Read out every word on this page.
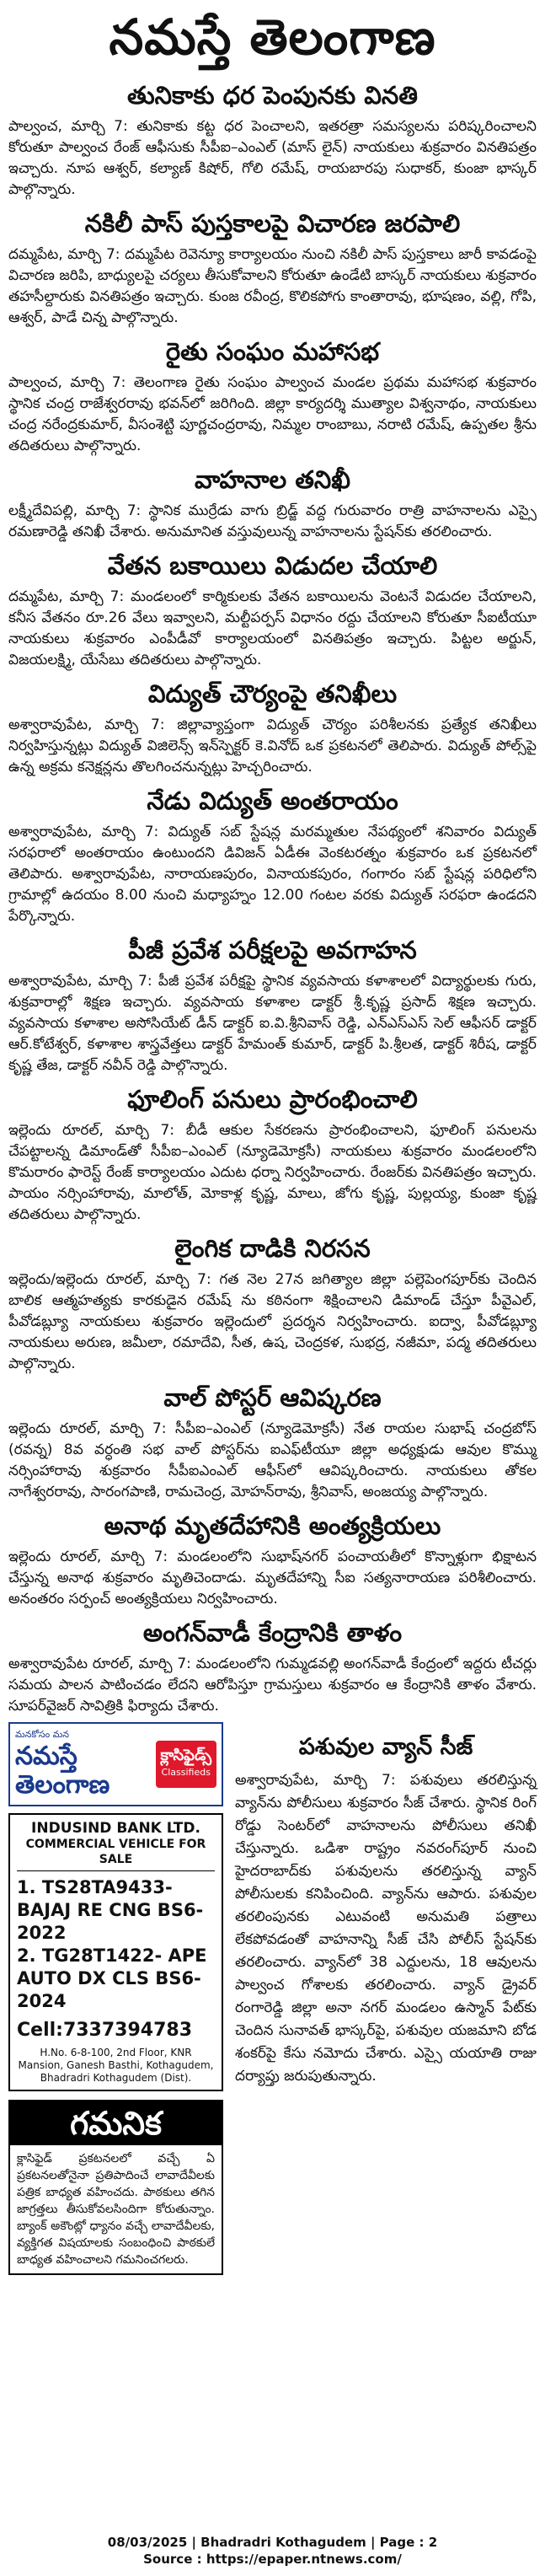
నమస్తే తెలంగాణ
తునికాకు ధర పెంపునకు వినతి

పాల్వంచ, మార్చి 7: తునికాకు కట్ట ధర పెంచాలని, ఇతరత్రా సమస్యలను పరిష్కరించాలని కోరుతూ పాల్వంచ రేంజ్ ఆఫీసుకు సీపీఐ–ఎంఎల్ (మాస్ లైన్) నాయకులు శుక్రవారం వినతిపత్రం ఇచ్చారు. నూప ఆశ్వర్, కల్యాణ్ కిషోర్, గోలి రమేష్, రాయబారపు సుధాకర్, కుంజా భాస్కర్ పాల్గొన్నారు.

నకిలీ పాస్ పుస్తకాలపై విచారణ జరపాలి

దమ్మపేట, మార్చి 7: దమ్మపేట రెవెన్యూ కార్యాలయం నుంచి నకిలీ పాస్ పుస్తకాలు జారీ కావడంపై విచారణ జరిపి, బాధ్యులపై చర్యలు తీసుకోవాలని కోరుతూ ఉండేటి బాస్కర్ నాయకులు శుక్రవారం తహసీల్దారుకు వినతిపత్రం ఇచ్చారు. కుంజ రవీంద్ర, కొలికపోగు కాంతారావు, భూషణం, వల్లి, గోపి, ఆశ్వర్, పాడే చిన్న పాల్గొన్నారు.

రైతు సంఘం మహాసభ

పాల్వంచ, మార్చి 7: తెలంగాణ రైతు సంఘం పాల్వంచ మండల ప్రథమ మహాసభ శుక్రవారం స్థానిక చంద్ర రాజేశ్వరరావు భవన్‌లో జరిగింది. జిల్లా కార్యదర్శి ముత్యాల విశ్వనాథం, నాయకులు చంద్ర నరేంద్రకుమార్, వీసంశెట్టి పూర్ణచంద్రరావు, నిమ్మల రాంబాబు, నరాటి రమేష్, ఉప్పతల శ్రీను తదితరులు పాల్గొన్నారు.

వాహనాల తనిఖీ

లక్ష్మీదేవిపల్లి, మార్చి 7: స్థానిక ముర్రేడు వాగు బ్రిడ్జ్ వద్ద గురువారం రాత్రి వాహనాలను ఎస్సై రమణారెడ్డి తనిఖీ చేశారు. అనుమానిత వస్తువులున్న వాహనాలను స్టేషన్‌కు తరలించారు.

వేతన బకాయిలు విడుదల చేయాలి

దమ్మపేట, మార్చి 7: మండలంలో కార్మికులకు వేతన బకాయిలను వెంటనే విడుదల చేయాలని, కనీస వేతనం రూ.26 వేలు ఇవ్వాలని, మల్టీపర్పస్ విధానం రద్దు చేయాలని కోరుతూ సీఐటీయూ నాయకులు శుక్రవారం ఎంపీడీవో కార్యాలయంలో వినతిపత్రం ఇచ్చారు. పిట్టల అర్జున్, విజయలక్ష్మి, యేసేబు తదితరులు పాల్గొన్నారు.

విద్యుత్ చౌర్యంపై తనిఖీలు

అశ్వారావుపేట, మార్చి 7: జిల్లావ్యాప్తంగా విద్యుత్ చౌర్యం పరిశీలనకు ప్రత్యేక తనిఖీలు నిర్వహిస్తున్నట్లు విద్యుత్ విజిలెన్స్ ఇన్‌స్పెక్టర్ కె.వినోద్ ఒక ప్రకటనలో తెలిపారు. విద్యుత్ పోల్స్‌పై ఉన్న అక్రమ కనెక్షన్లను తొలగించనున్నట్లు హెచ్చరించారు.

నేడు విద్యుత్ అంతరాయం

అశ్వారావుపేట, మార్చి 7: విద్యుత్ సబ్ స్టేషన్ల మరమ్మతుల నేపథ్యంలో శనివారం విద్యుత్ సరఫరాలో అంతరాయం ఉంటుందని డివిజన్ ఏడీఈ వెంకటరత్నం శుక్రవారం ఒక ప్రకటనలో తెలిపారు. అశ్వారావుపేట, నారాయణపురం, వినాయకపురం, గంగారం సబ్ స్టేషన్ల పరిధిలోని గ్రామాల్లో ఉదయం 8.00 నుంచి మధ్యాహ్నం 12.00 గంటల వరకు విద్యుత్ సరఫరా ఉండదని పేర్కొన్నారు.

పీజీ ప్రవేశ పరీక్షలపై అవగాహన

అశ్వారావుపేట, మార్చి 7: పీజీ ప్రవేశ పరీక్షపై స్థానిక వ్యవసాయ కళాశాలలో విద్యార్థులకు గురు, శుక్రవారాల్లో శిక్షణ ఇచ్చారు. వ్యవసాయ కళాశాల డాక్టర్ శ్రీ.కృష్ణ ప్రసాద్ శిక్షణ ఇచ్చారు. వ్యవసాయ కళాశాల అసోసియేట్ డీన్ డాక్టర్ ఐ.వి.శ్రీనివాస్ రెడ్డి, ఎన్ఎస్ఎస్ సెల్ ఆఫీసర్ డాక్టర్ ఆర్.కోటేశ్వర్, కళాశాల శాస్త్రవేత్తలు డాక్టర్ హేమంత్ కుమార్, డాక్టర్ పి.శ్రీలత, డాక్టర్ శిరీష, డాక్టర్ కృష్ణ తేజ, డాక్టర్ నవీన్ రెడ్డి పాల్గొన్నారు.

ఫూలింగ్ పనులు ప్రారంభించాలి

ఇల్లెందు రూరల్, మార్చి 7: బీడీ ఆకుల సేకరణను ప్రారంభించాలని, ఫూలింగ్ పనులను చేపట్టాలన్న డిమాండ్‌తో సీపీఐ–ఎంఎల్ (న్యూడెమోక్రసీ) నాయకులు శుక్రవారం మండలంలోని కొమరారం ఫారెస్ట్ రేంజ్ కార్యాలయం ఎదుట ధర్నా నిర్వహించారు. రేంజర్‌కు వినతిపత్రం ఇచ్చారు. పాయం నర్సింహారావు, మాలోత్, మోకాళ్ల కృష్ణ, మాలు, జోగు కృష్ణ, పుల్లయ్య, కుంజా కృష్ణ తదితరులు పాల్గొన్నారు.

లైంగిక దాడికి నిరసన

ఇల్లెందు/ఇల్లెందు రూరల్, మార్చి 7: గత నెల 27న జగిత్యాల జిల్లా పల్లెపెంగపూర్‌కు చెందిన బాలిక ఆత్మహత్యకు కారకుడైన రమేష్ ను కఠినంగా శిక్షించాలని డిమాండ్ చేస్తూ పీవైఎల్, పీవోడబ్ల్యూ నాయకులు శుక్రవారం ఇల్లెందులో ప్రదర్శన నిర్వహించారు. ఐద్వా, పీవోడబ్ల్యూ నాయకులు అరుణ, జమీలా, రమాదేవి, సీత, ఉష, చెంద్రకళ, సుభద్ర, నజీమా, పద్మ తదితరులు పాల్గొన్నారు.

వాల్ పోస్టర్ ఆవిష్కరణ

ఇల్లెందు రూరల్, మార్చి 7: సీపీఐ–ఎంఎల్ (న్యూడెమోక్రసీ) నేత రాయల సుభాష్ చంద్రబోస్ (రవన్న) 8వ వర్ధంతి సభ వాల్ పోస్టర్‌ను ఐఎఫ్‌టీయూ జిల్లా అధ్యక్షుడు ఆవుల కొమ్ము నర్సింహారావు శుక్రవారం సీపీఐఎంఎల్ ఆఫీస్‌లో ఆవిష్కరించారు. నాయకులు తోకల నాగేశ్వరరావు, సారంగపాణి, రామచెంద్ర, మోహన్‌రావు, శ్రీనివాస్, అంజయ్య పాల్గొన్నారు.

అనాథ మృతదేహానికి అంత్యక్రియలు

ఇల్లెందు రూరల్, మార్చి 7: మండలంలోని సుభాష్‌నగర్ పంచాయతీలో కొన్నాళ్లుగా భిక్షాటన చేస్తున్న అనాథ శుక్రవారం మృతిచెందాడు. మృతదేహాన్ని సీఐ సత్యనారాయణ పరిశీలించారు. అనంతరం సర్పంచ్ అంత్యక్రియలు నిర్వహించారు.

అంగన్‌వాడీ కేంద్రానికి తాళం

అశ్వారావుపేట రూరల్, మార్చి 7: మండలంలోని గుమ్మడవల్లి అంగన్‌వాడీ కేంద్రంలో ఇద్దరు టీచర్లు సమయ పాలన పాటించడం లేదని ఆరోపిస్తూ గ్రామస్తులు శుక్రవారం ఆ కేంద్రానికి తాళం వేశారు. సూపర్‌వైజర్ సావిత్రికి ఫిర్యాదు చేశారు.

మనకోసం మన
నమస్తే తెలంగాణ
క్లాసిఫైడ్స్
Classifieds
INDUSIND BANK LTD.
COMMERCIAL VEHICLE FOR SALE
1. TS28TA9433- BAJAJ RE CNG BS6- 2022
2. TG28T1422- APE AUTO DX CLS BS6- 2024
Cell:7337394783
H.No. 6-8-100, 2nd Floor, KNR Mansion, Ganesh Basthi, Kothagudem, Bhadradri Kothagudem (Dist).
గమనిక
క్లాసిఫైడ్ ప్రకటనలలో వచ్చే ఏ ప్రకటనలతోనైనా ప్రతిపాదించే లావాదేవీలకు పత్రిక బాధ్యత వహించదు. పాఠకులు తగిన జాగ్రత్తలు తీసుకోవలసిందిగా కోరుతున్నాం. బ్యాంక్ అకౌంట్లో ధ్యానం వచ్చే లావాదేవీలకు, వ్యక్తిగత విషయాలకు సంబంధించి పాఠకులే బాధ్యత వహించాలని గమనించగలరు.
పశువుల వ్యాన్ సీజ్
అశ్వారావుపేట, మార్చి 7: పశువులు తరలిస్తున్న వ్యాన్‌ను పోలీసులు శుక్రవారం సీజ్ చేశారు. స్థానిక రింగ్ రోడ్డు సెంటర్‌లో వాహనాలను పోలీసులు తనిఖీ చేస్తున్నారు. ఒడిశా రాష్ట్రం నవరంగ్‌పూర్ నుంచి హైదరాబాద్‌కు పశువులను తరలిస్తున్న వ్యాన్ పోలీసులకు కనిపించింది. వ్యాన్‌ను ఆపారు. పశువుల తరలింపునకు ఎటువంటి అనుమతి పత్రాలు లేకపోవడంతో వాహనాన్ని సీజ్ చేసి పోలీస్ స్టేషన్‌కు తరలించారు. వ్యాన్‌లో 38 ఎద్దులను, 18 ఆవులను పాల్వంచ గోశాలకు తరలించారు. వ్యాన్ డ్రైవర్ రంగారెడ్డి జిల్లా అనా నగర్ మండలం ఉస్మాన్ పేట్‌కు చెందిన సునావత్ భాస్కర్‌పై, పశువుల యజమాని బోడ శంకర్‌పై కేసు నమోదు చేశారు. ఎస్సై యయాతి రాజు దర్యాప్తు జరుపుతున్నారు.
08/03/2025 | Bhadradri Kothagudem | Page : 2
Source : https://epaper.ntnews.com/
